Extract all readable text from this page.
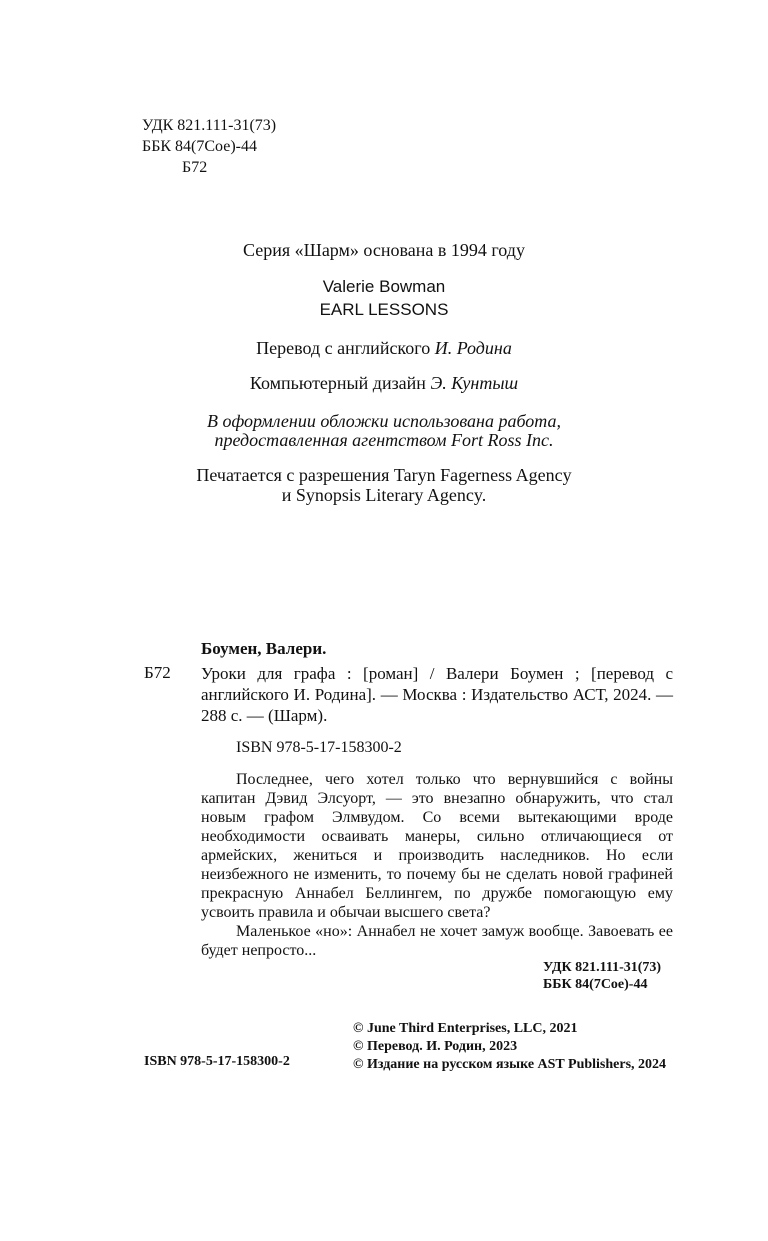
УДК 821.111-31(73)
ББК 84(7Сое)-44
Б72
Серия «Шарм» основана в 1994 году
Valerie Bowman
EARL LESSONS
Перевод с английского И. Родина
Компьютерный дизайн Э. Кунтыш
В оформлении обложки использована работа,
предоставленная агентством Fort Ross Inc.
Печатается с разрешения Taryn Fagerness Agency
и Synopsis Literary Agency.
Боумен, Валери.
Б72 Уроки для графа : [роман] / Валери Боумен ; [перевод с английского И. Родина]. — Москва : Издательство АСТ, 2024. — 288 с. — (Шарм).
ISBN 978-5-17-158300-2

Последнее, чего хотел только что вернувшийся с войны капитан Дэвид Элсуорт, — это внезапно обнаружить, что стал новым графом Элмвудом. Со всеми вытекающими вроде необходимости осваивать манеры, сильно отличающиеся от армейских, жениться и производить наследников. Но если неизбежного не изменить, то почему бы не сделать новой графиней прекрасную Аннабел Беллингем, по дружбе помогающую ему усвоить правила и обычаи высшего света?

Маленькое «но»: Аннабел не хочет замуж вообще. Завоевать ее будет непросто...

УДК 821.111-31(73)
ББК 84(7Сое)-44
© June Third Enterprises, LLC, 2021
© Перевод. И. Родин, 2023
© Издание на русском языке AST Publishers, 2024
ISBN 978-5-17-158300-2
